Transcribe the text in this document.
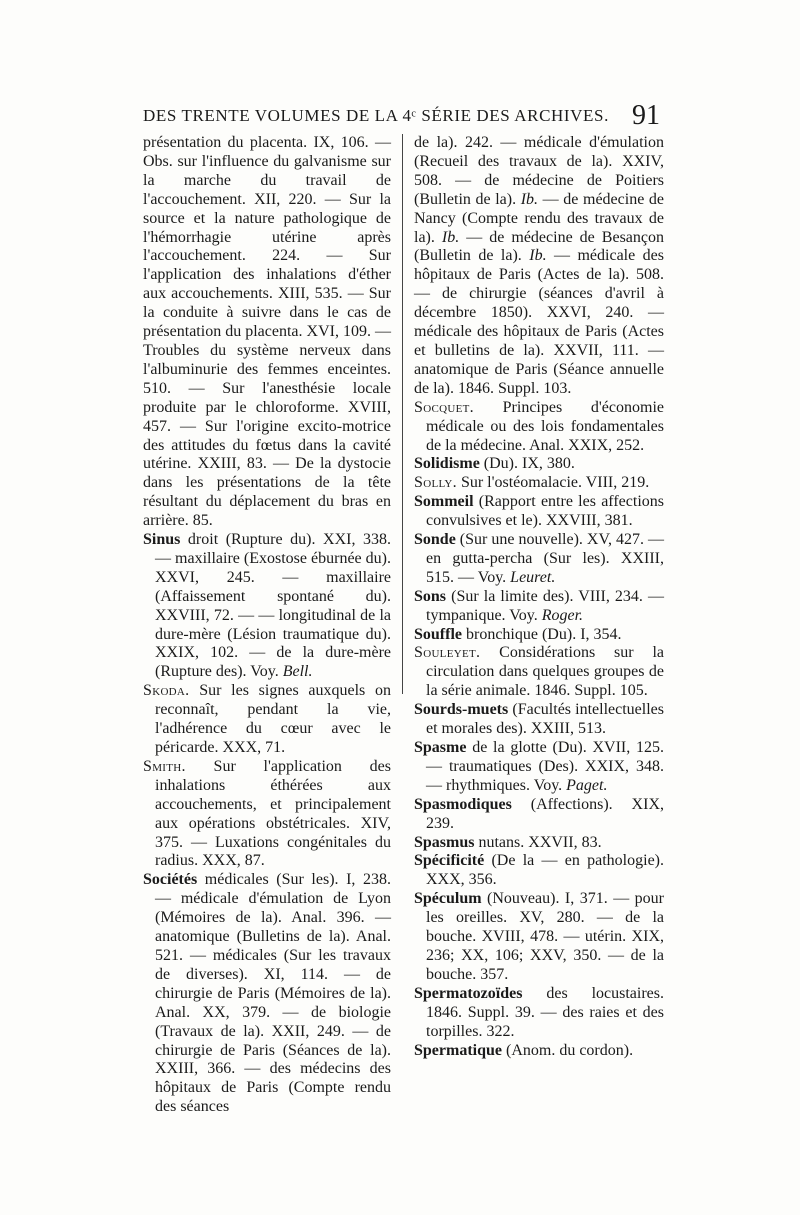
DES TRENTE VOLUMES DE LA 4ᶜ SÉRIE DES ARCHIVES. 91

présentation du placenta. IX, 106. — Obs. sur l'influence du galvanisme sur la marche du travail de l'accouchement. XII, 220. — Sur la source et la nature pathologique de l'hémorrhagie utérine après l'accouchement. 224. — Sur l'application des inhalations d'éther aux accouchements. XIII, 535. — Sur la conduite à suivre dans le cas de présentation du placenta. XVI, 109. — Troubles du système nerveux dans l'albuminurie des femmes enceintes. 510. — Sur l'anesthésie locale produite par le chloroforme. XVIII, 457. — Sur l'origine excito-motrice des attitudes du fœtus dans la cavité utérine. XXIII, 83. — De la dystocie dans les présentations de la tête résultant du déplacement du bras en arrière. 85.

Sinus droit (Rupture du). XXI, 338. — maxillaire (Exostose éburnée du). XXVI, 245. — maxillaire (Affaissement spontané du). XXVIII, 72. — — longitudinal de la dure-mère (Lésion traumatique du). XXIX, 102. — de la dure-mère (Rupture des). Voy. Bell.

Skoda. Sur les signes auxquels on reconnaît, pendant la vie, l'adhérence du cœur avec le péricarde. XXX, 71.

Smith. Sur l'application des inhalations éthérées aux accouchements, et principalement aux opérations obstétricales. XIV, 375. — Luxations congénitales du radius. XXX, 87.

Sociétés médicales (Sur les). I, 238. — médicale d'émulation de Lyon (Mémoires de la). Anal. 396. — anatomique (Bulletins de la). Anal. 521. — médicales (Sur les travaux de diverses). XI, 114. — de chirurgie de Paris (Mémoires de la). Anal. XX, 379. — de biologie (Travaux de la). XXII, 249. — de chirurgie de Paris (Séances de la). XXIII, 366. — des médecins des hôpitaux de Paris (Compte rendu des séances

de la). 242. — médicale d'émulation (Recueil des travaux de la). XXIV, 508. — de médecine de Poitiers (Bulletin de la). Ib. — de médecine de Nancy (Compte rendu des travaux de la). Ib. — de médecine de Besançon (Bulletin de la). Ib. — médicale des hôpitaux de Paris (Actes de la). 508. — de chirurgie (séances d'avril à décembre 1850). XXVI, 240. — médicale des hôpitaux de Paris (Actes et bulletins de la). XXVII, 111. — anatomique de Paris (Séance annuelle de la). 1846. Suppl. 103.

Socquet. Principes d'économie médicale ou des lois fondamentales de la médecine. Anal. XXIX, 252.

Solidisme (Du). IX, 380.

Solly. Sur l'ostéomalacie. VIII, 219.

Sommeil (Rapport entre les affections convulsives et le). XXVIII, 381.

Sonde (Sur une nouvelle). XV, 427. — en gutta-percha (Sur les). XXIII, 515. — Voy. Leuret.

Sons (Sur la limite des). VIII, 234. — tympanique. Voy. Roger.

Souffle bronchique (Du). I, 354.

Souleyet. Considérations sur la circulation dans quelques groupes de la série animale. 1846. Suppl. 105.

Sourds-muets (Facultés intellectuelles et morales des). XXIII, 513.

Spasme de la glotte (Du). XVII, 125. — traumatiques (Des). XXIX, 348. — rhythmiques. Voy. Paget.

Spasmodiques (Affections). XIX, 239.

Spasmus nutans. XXVII, 83.

Spécificité (De la — en pathologie). XXX, 356.

Spéculum (Nouveau). I, 371. — pour les oreilles. XV, 280. — de la bouche. XVIII, 478. — utérin. XIX, 236; XX, 106; XXV, 350. — de la bouche. 357.

Spermatozoïdes des locustaires. 1846. Suppl. 39. — des raies et des torpilles. 322.

Spermatique (Anom. du cordon).
